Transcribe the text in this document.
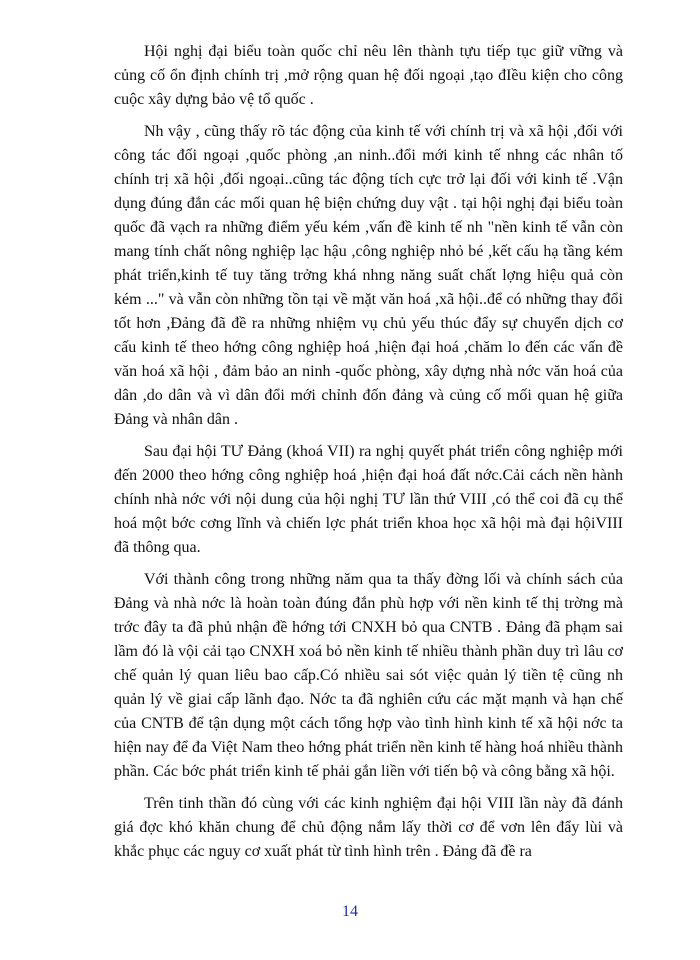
Hội nghị đại biểu toàn quốc chỉ nêu lên thành tựu tiếp tục giữ vững và củng cố ổn định chính trị ,mở rộng quan hệ đối ngoại ,tạo đIều kiện cho công cuộc xây dựng bảo vệ tổ quốc .

Nh vậy , cũng thấy rõ tác động của kinh tế với chính trị và xã hội ,đối với công tác đối ngoại ,quốc phòng ,an ninh..đổi mới kinh tế nhng các nhân tố chính trị xã hội ,đối ngoại..cũng tác động tích cực trở lại đối với kinh tế .Vận dụng đúng đắn các mối quan hệ biện chứng duy vật . tại hội nghị đại biểu toàn quốc đã vạch ra những điểm yếu kém ,vấn đề kinh tế nh "nền kinh tế vẫn còn mang tính chất nông nghiệp lạc hậu ,công nghiệp nhỏ bé ,kết cấu hạ tầng kém phát triển,kinh tế tuy tăng trởng khá nhng năng suất chất lợng hiệu quả còn kém ..." và vẫn còn những tồn tại về mặt văn hoá ,xã hội..để có những thay đổi tốt hơn ,Đảng đã đề ra những nhiệm vụ chủ yếu thúc đẩy sự chuyển dịch cơ cấu kinh tế theo hớng công nghiệp hoá ,hiện đại hoá ,chăm lo đến các vấn đề văn hoá xã hội , đảm bảo an ninh -quốc phòng, xây dựng nhà nớc văn hoá của dân ,do dân và vì dân đổi mới chỉnh đốn đảng và củng cố mối quan hệ giữa Đảng và nhân dân .

Sau đại hội TƯ Đảng (khoá VII) ra nghị quyết phát triển công nghiệp mới đến 2000 theo hớng công nghiệp hoá ,hiện đại hoá đất nớc.Cải cách nền hành chính nhà nớc với nội dung của hội nghị TƯ lần thứ VIII ,có thể coi đã cụ thể hoá một bớc cơng lĩnh và chiến lợc phát triển khoa học xã hội mà đại hộiVIII đã thông qua.

Với thành công trong những năm qua ta thấy đờng lối và chính sách của Đảng và nhà nớc là hoàn toàn đúng đắn phù hợp với nền kinh tế thị trờng mà trớc đây ta đã phủ nhận đề hớng tới CNXH bỏ qua CNTB . Đảng đã phạm sai lầm đó là vội cải tạo CNXH xoá bỏ nền kinh tế nhiều thành phần duy trì lâu cơ chế quản lý quan liêu bao cấp.Có nhiều sai sót việc quản lý tiền tệ cũng nh quản lý về giai cấp lãnh đạo. Nớc ta đã nghiên cứu các mặt mạnh và hạn chế của CNTB để tận dụng một cách tổng hợp vào tình hình kinh tế xã hội nớc ta hiện nay để đa Việt Nam theo hớng phát triển nền kinh tế hàng hoá nhiều thành phần. Các bớc phát triển kinh tế phải gắn liền với tiến bộ và công bằng xã hội.

Trên tinh thần đó cùng với các kinh nghiệm đại hội VIII lần này đã đánh giá đợc khó khăn chung để chủ động nắm lấy thời cơ để vơn lên đẩy lùi và khắc phục các nguy cơ xuất phát từ tình hình trên . Đảng đã đề ra

14
